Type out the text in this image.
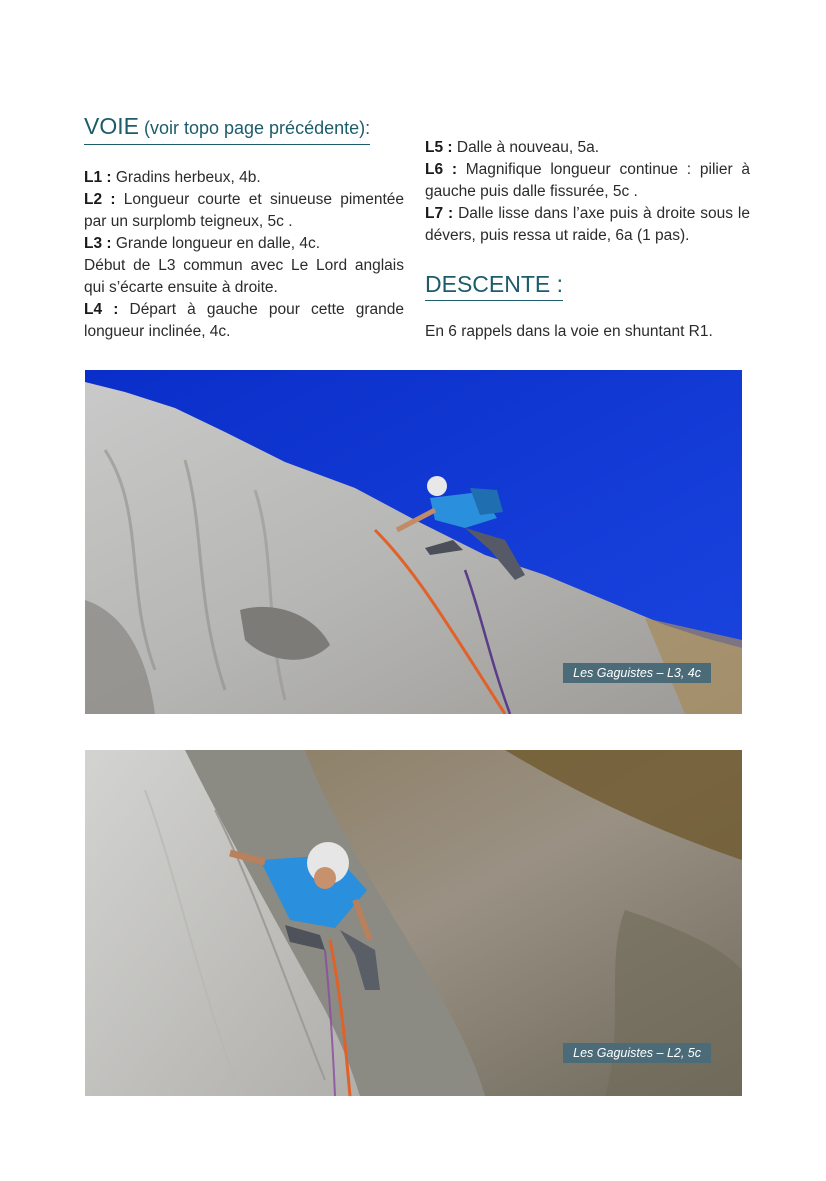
VOIE (voir topo page précédente):

L1 : Gradins herbeux, 4b.

L2 : Longueur courte et sinueuse pimentée par un surplomb teigneux, 5c .

L3 : Grande longueur en dalle, 4c.

Début de L3 commun avec Le Lord anglais qui s’écarte ensuite à droite.

L4 : Départ à gauche pour cette grande longueur inclinée, 4c.

L5 : Dalle à nouveau, 5a.

L6 : Magnifique longueur continue : pilier à gauche puis dalle fissurée, 5c .

L7 : Dalle lisse dans l’axe puis à droite sous le dévers, puis ressa ut raide, 6a (1 pas).

DESCENTE :

En 6 rappels dans la voie en shuntant R1.

Les Gaguistes – L3, 4c
Les Gaguistes – L2, 5c
